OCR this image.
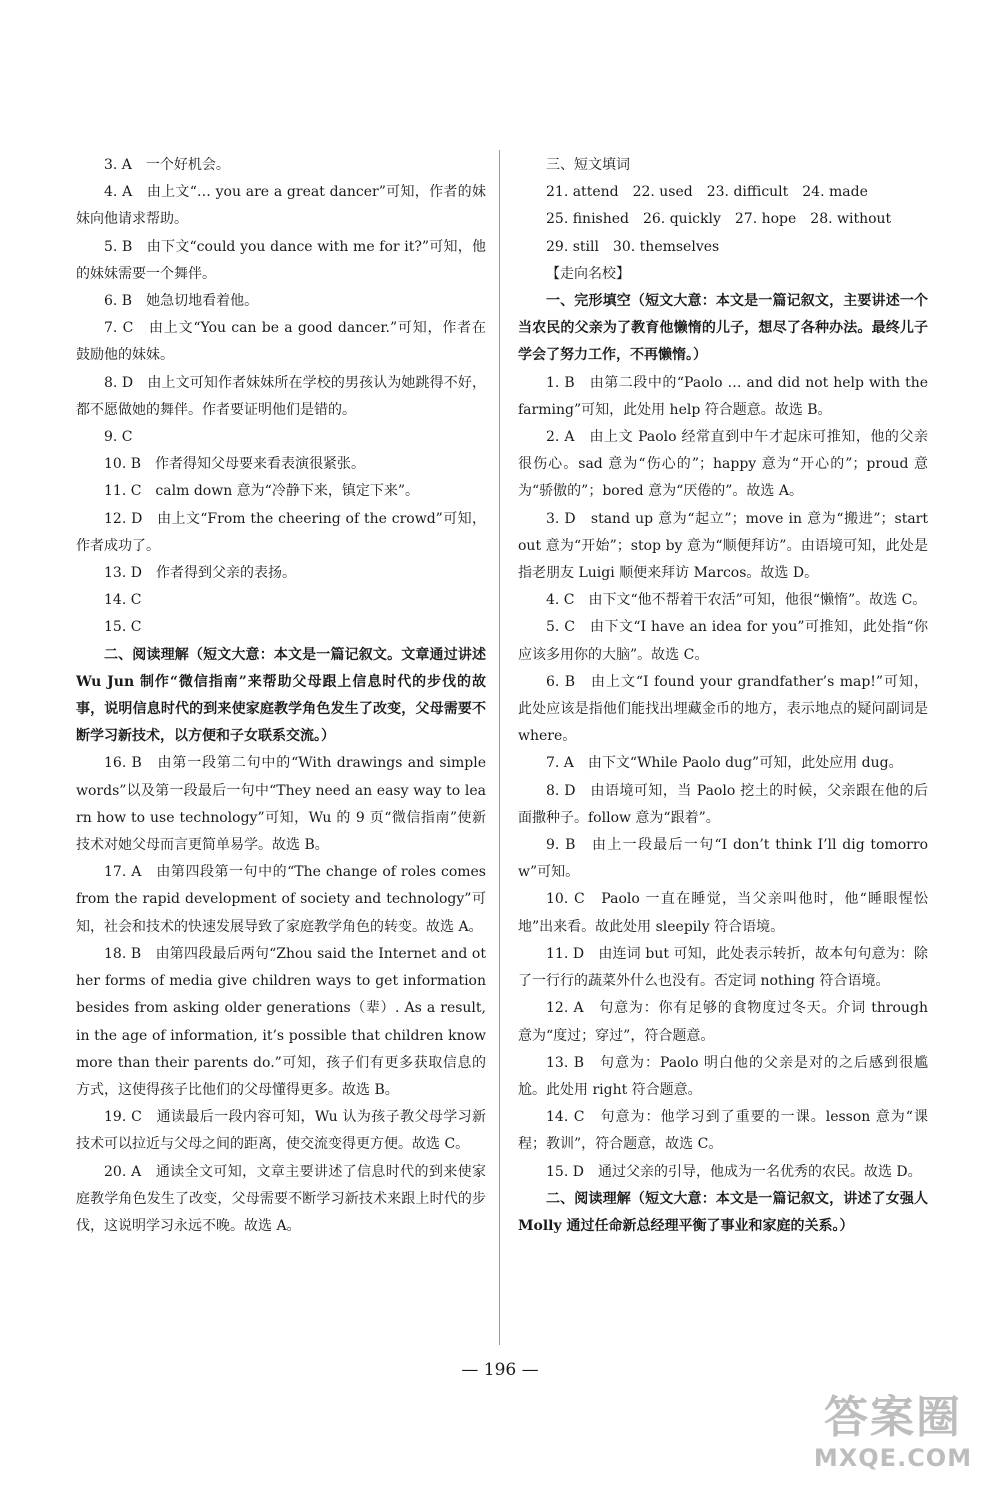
3. A　一个好机会。

4. A　由上文“… you are a great dancer”可知，作者的妹妹向他请求帮助。

5. B　由下文“could you dance with me for it?”可知，他的妹妹需要一个舞伴。

6. B　她急切地看着他。

7. C　由上文“You can be a good dancer.”可知，作者在鼓励他的妹妹。

8. D　由上文可知作者妹妹所在学校的男孩认为她跳得不好，都不愿做她的舞伴。作者要证明他们是错的。

9. C

10. B　作者得知父母要来看表演很紧张。

11. C　calm down 意为“冷静下来，镇定下来”。

12. D　由上文“From the cheering of the crowd”可知，作者成功了。

13. D　作者得到父亲的表扬。

14. C

15. C

二、阅读理解（短文大意：本文是一篇记叙文。文章通过讲述 Wu Jun 制作“微信指南”来帮助父母跟上信息时代的步伐的故事，说明信息时代的到来使家庭教学角色发生了改变，父母需要不断学习新技术，以方便和子女联系交流。）

16. B　由第一段第二句中的“With drawings and simple words”以及第一段最后一句中“They need an easy way to learn how to use technology”可知，Wu 的 9 页“微信指南”使新技术对她父母而言更简单易学。故选 B。

17. A　由第四段第一句中的“The change of roles comes from the rapid development of society and technology”可知，社会和技术的快速发展导致了家庭教学角色的转变。故选 A。

18. B　由第四段最后两句“Zhou said the Internet and other forms of media give children ways to get information besides from asking older generations（辈）. As a result, in the age of information, it’s possible that children know more than their parents do.”可知，孩子们有更多获取信息的方式，这使得孩子比他们的父母懂得更多。故选 B。

19. C　通读最后一段内容可知，Wu 认为孩子教父母学习新技术可以拉近与父母之间的距离，使交流变得更方便。故选 C。

20. A　通读全文可知，文章主要讲述了信息时代的到来使家庭教学角色发生了改变，父母需要不断学习新技术来跟上时代的步伐，这说明学习永远不晚。故选 A。

三、短文填词

21. attend　22. used　23. difficult　24. made

25. finished　26. quickly　27. hope　28. without

29. still　30. themselves

【走向名校】

一、完形填空（短文大意：本文是一篇记叙文，主要讲述一个当农民的父亲为了教育他懒惰的儿子，想尽了各种办法。最终儿子学会了努力工作，不再懒惰。）

1. B　由第二段中的“Paolo … and did not help with the farming”可知，此处用 help 符合题意。故选 B。

2. A　由上文 Paolo 经常直到中午才起床可推知，他的父亲很伤心。sad 意为“伤心的”；happy 意为“开心的”；proud 意为“骄傲的”；bored 意为“厌倦的”。故选 A。

3. D　stand up 意为“起立”；move in 意为“搬进”；start out 意为“开始”；stop by 意为“顺便拜访”。由语境可知，此处是指老朋友 Luigi 顺便来拜访 Marcos。故选 D。

4. C　由下文“他不帮着干农活”可知，他很“懒惰”。故选 C。

5. C　由下文“I have an idea for you”可推知，此处指“你应该多用你的大脑”。故选 C。

6. B　由上文“I found your grandfather’s map!”可知，此处应该是指他们能找出埋藏金币的地方，表示地点的疑问副词是 where。

7. A　由下文“While Paolo dug”可知，此处应用 dug。

8. D　由语境可知，当 Paolo 挖土的时候，父亲跟在他的后面撒种子。follow 意为“跟着”。

9. B　由上一段最后一句“I don’t think I’ll dig tomorrow”可知。

10. C　Paolo 一直在睡觉，当父亲叫他时，他“睡眼惺忪地”出来看。故此处用 sleepily 符合语境。

11. D　由连词 but 可知，此处表示转折，故本句句意为：除了一行行的蔬菜外什么也没有。否定词 nothing 符合语境。

12. A　句意为：你有足够的食物度过冬天。介词 through 意为“度过；穿过”，符合题意。

13. B　句意为：Paolo 明白他的父亲是对的之后感到很尴尬。此处用 right 符合题意。

14. C　句意为：他学习到了重要的一课。lesson 意为“课程；教训”，符合题意，故选 C。

15. D　通过父亲的引导，他成为一名优秀的农民。故选 D。

二、阅读理解（短文大意：本文是一篇记叙文，讲述了女强人 Molly 通过任命新总经理平衡了事业和家庭的关系。）

— 196 —
答案圈
MXQE.COM
